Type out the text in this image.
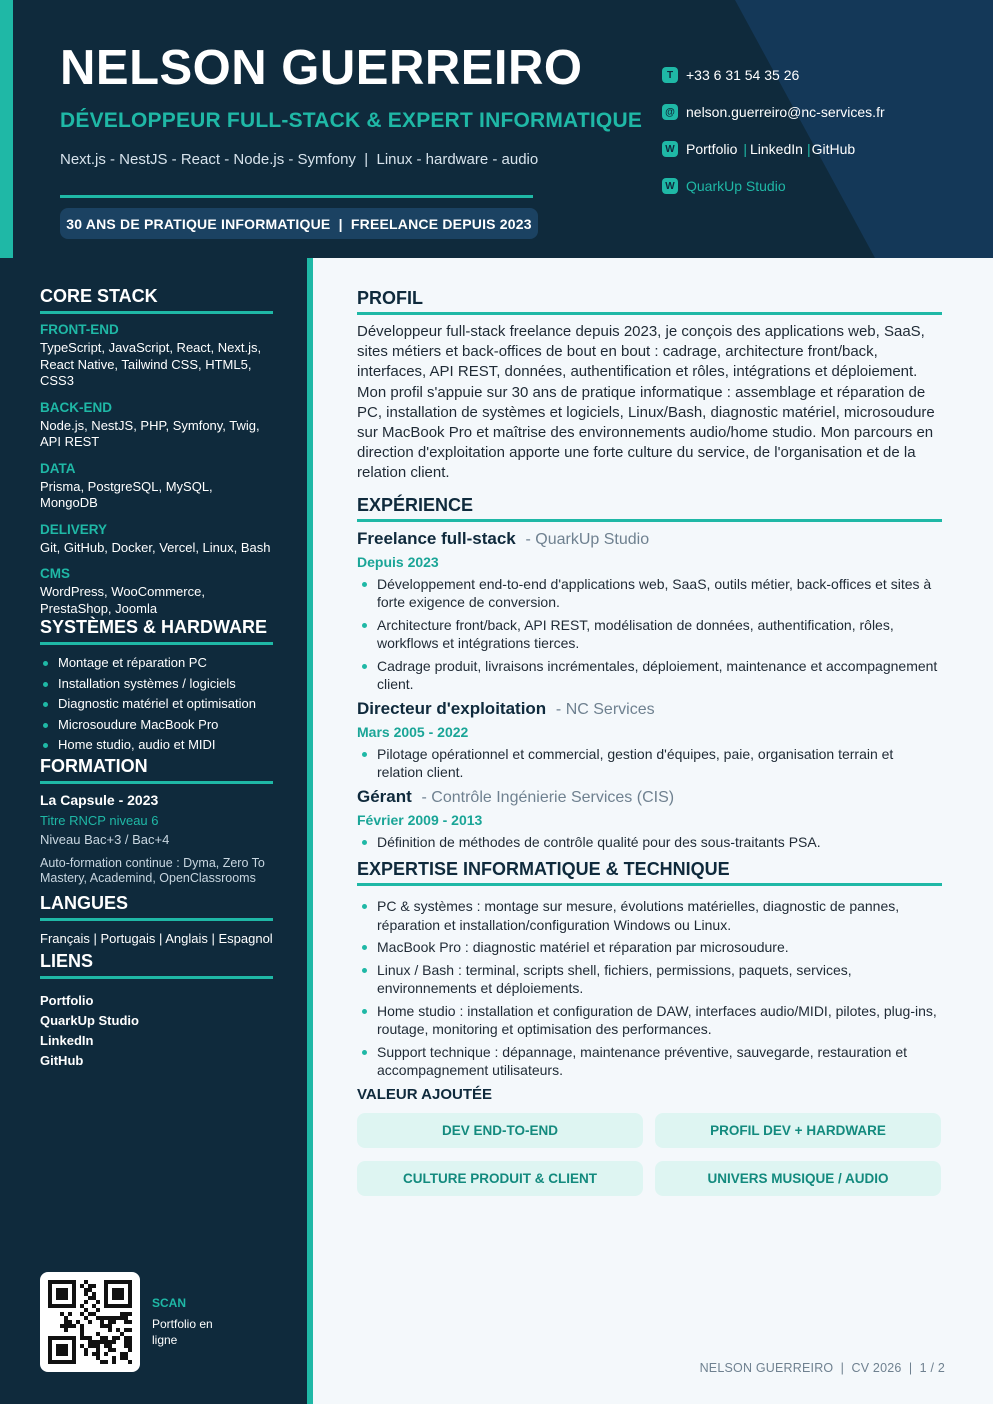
NELSON GUERREIRO
DÉVELOPPEUR FULL-STACK & EXPERT INFORMATIQUE
Next.js - NestJS - React - Node.js - Symfony  |  Linux - hardware - audio
30 ANS DE PRATIQUE INFORMATIQUE  |  FREELANCE DEPUIS 2023
T +33 6 31 54 35 26
@ nelson.guerreiro@nc-services.fr
W Portfolio | LinkedIn | GitHub
W QuarkUp Studio
CORE STACK
FRONT-END
TypeScript, JavaScript, React, Next.js, React Native, Tailwind CSS, HTML5, CSS3
BACK-END
Node.js, NestJS, PHP, Symfony, Twig, API REST
DATA
Prisma, PostgreSQL, MySQL, MongoDB
DELIVERY
Git, GitHub, Docker, Vercel, Linux, Bash
CMS
WordPress, WooCommerce, PrestaShop, Joomla
SYSTÈMES & HARDWARE
Montage et réparation PC
Installation systèmes / logiciels
Diagnostic matériel et optimisation
Microsoudure MacBook Pro
Home studio, audio et MIDI
FORMATION
La Capsule - 2023
Titre RNCP niveau 6
Niveau Bac+3 / Bac+4
Auto-formation continue : Dyma, Zero To Mastery, Academind, OpenClassrooms
LANGUES
Français | Portugais | Anglais | Espagnol
LIENS
Portfolio
QuarkUp Studio
LinkedIn
GitHub
SCAN
Portfolio en ligne
PROFIL
Développeur full-stack freelance depuis 2023, je conçois des applications web, SaaS, sites métiers et back-offices de bout en bout : cadrage, architecture front/back, interfaces, API REST, données, authentification et rôles, intégrations et déploiement. Mon profil s'appuie sur 30 ans de pratique informatique : assemblage et réparation de PC, installation de systèmes et logiciels, Linux/Bash, diagnostic matériel, microsoudure sur MacBook Pro et maîtrise des environnements audio/home studio. Mon parcours en direction d'exploitation apporte une forte culture du service, de l'organisation et de la relation client.
EXPÉRIENCE
Freelance full-stack - QuarkUp Studio
Depuis 2023
Développement end-to-end d'applications web, SaaS, outils métier, back-offices et sites à forte exigence de conversion.
Architecture front/back, API REST, modélisation de données, authentification, rôles, workflows et intégrations tierces.
Cadrage produit, livraisons incrémentales, déploiement, maintenance et accompagnement client.
Directeur d'exploitation - NC Services
Mars 2005 - 2022
Pilotage opérationnel et commercial, gestion d'équipes, paie, organisation terrain et relation client.
Gérant - Contrôle Ingénierie Services (CIS)
Février 2009 - 2013
Définition de méthodes de contrôle qualité pour des sous-traitants PSA.
EXPERTISE INFORMATIQUE & TECHNIQUE
PC & systèmes : montage sur mesure, évolutions matérielles, diagnostic de pannes, réparation et installation/configuration Windows ou Linux.
MacBook Pro : diagnostic matériel et réparation par microsoudure.
Linux / Bash : terminal, scripts shell, fichiers, permissions, paquets, services, environnements et déploiements.
Home studio : installation et configuration de DAW, interfaces audio/MIDI, pilotes, plug-ins, routage, monitoring et optimisation des performances.
Support technique : dépannage, maintenance préventive, sauvegarde, restauration et accompagnement utilisateurs.
VALEUR AJOUTÉE
DEV END-TO-END	PROFIL DEV + HARDWARE
CULTURE PRODUIT & CLIENT	UNIVERS MUSIQUE / AUDIO
NELSON GUERREIRO  |  CV 2026  |  1 / 2
